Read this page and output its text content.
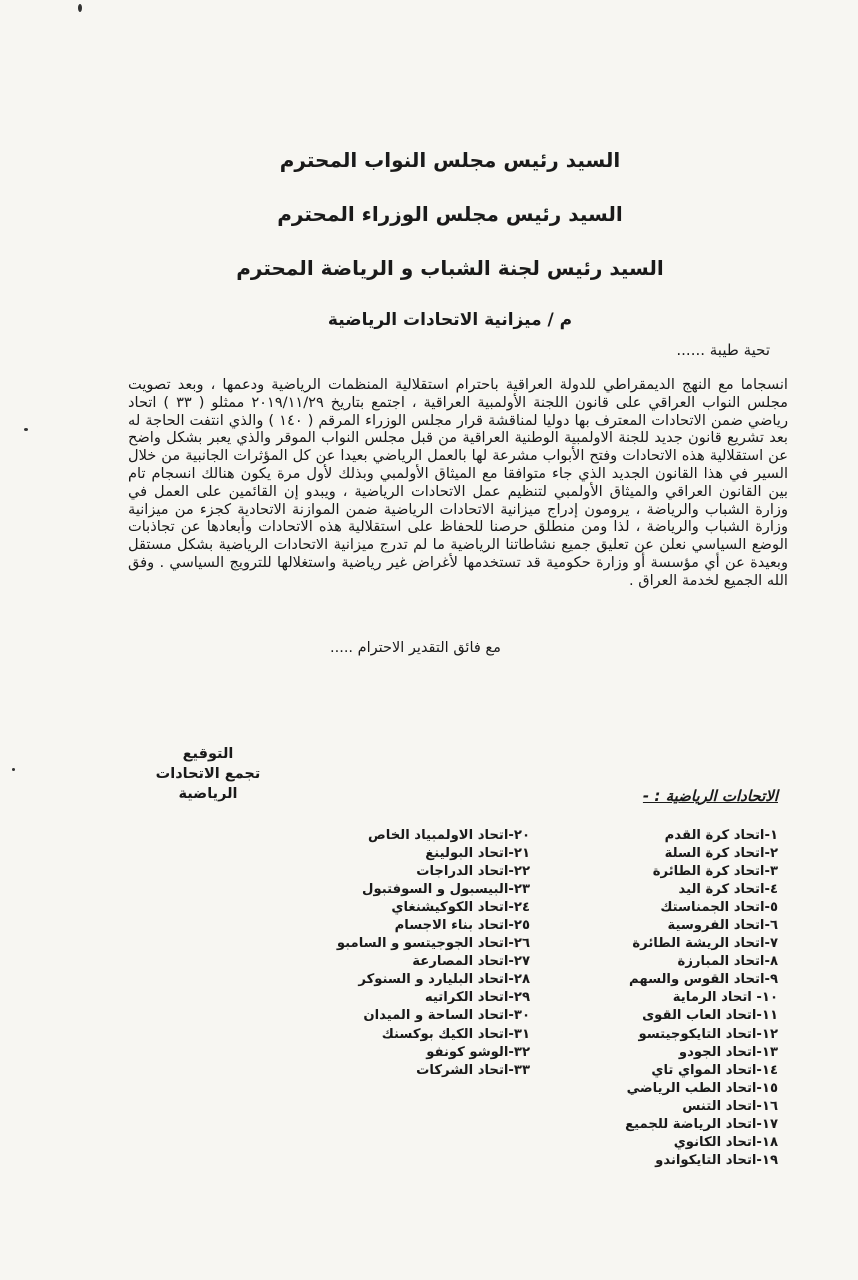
السيد رئيس مجلس النواب المحترم
السيد رئيس مجلس الوزراء المحترم
السيد رئيس لجنة الشباب و الرياضة المحترم
م / ميزانية الاتحادات الرياضية
تحية طيبة ......
انسجاما مع النهج الديمقراطي للدولة العراقية باحترام استقلالية المنظمات الرياضية ودعمها ، وبعد تصويت مجلس النواب العراقي على قانون اللجنة الأولمبية العراقية ، اجتمع بتاريخ ٢٠١٩/١١/٢٩ ممثلو ( ٣٣ ) اتحاد رياضي ضمن الاتحادات المعترف بها دوليا لمناقشة قرار مجلس الوزراء المرقم ( ١٤٠ ) والذي انتفت الحاجة له بعد تشريع قانون جديد للجنة الاولمبية الوطنية العراقية من قبل مجلس النواب الموقر والذي يعبر بشكل واضح عن استقلالية هذه الاتحادات وفتح الأبواب مشرعة لها بالعمل الرياضي بعيدا عن كل المؤثرات الجانبية من خلال السير في هذا القانون الجديد الذي جاء متوافقا مع الميثاق الأولمبي وبذلك لأول مرة يكون هنالك انسجام تام بين القانون العراقي والميثاق الأولمبي لتنظيم عمل الاتحادات الرياضية ، ويبدو إن القائمين على العمل في وزارة الشباب والرياضة ، يرومون إدراج ميزانية الاتحادات الرياضية ضمن الموازنة الاتحادية كجزء من ميزانية وزارة الشباب والرياضة ، لذا ومن منطلق حرصنا للحفاظ على استقلالية هذه الاتحادات وأبعادها عن تجاذبات الوضع السياسي نعلن عن تعليق جميع نشاطاتنا الرياضية ما لم تدرج ميزانية الاتحادات الرياضية بشكل مستقل وبعيدة عن أي مؤسسة أو وزارة حكومية قد تستخدمها لأغراض غير رياضية واستغلالها للترويج السياسي . وفق الله الجميع لخدمة العراق .
مع فائق التقدير الاحترام .....
التوقيع
تجمع الاتحادات الرياضية	الاتحادات الرياضية : -
١-اتحاد كرة القدم
٢-اتحاد كرة السلة
٣-اتحاد كرة الطائرة
٤-اتحاد كرة اليد
٥-اتحاد الجمناستك
٦-اتحاد الفروسية
٧-اتحاد الريشة الطائرة
٨-اتحاد المبارزة
٩-اتحاد القوس والسهم
١٠- اتحاد الرماية
١١-اتحاد العاب القوى
١٢-اتحاد التايكوجيتسو
١٣-اتحاد الجودو
١٤-اتحاد المواي تاي
١٥-اتحاد الطب الرياضي
١٦-اتحاد التنس
١٧-اتحاد الرياضة للجميع
١٨-اتحاد الكانوي
١٩-اتحاد التايكواندو
٢٠-اتحاد الاولمبياد الخاص
٢١-اتحاد البولينغ
٢٢-اتحاد الدراجات
٢٣-البيسبول و السوفتبول
٢٤-اتحاد الكوكيشنغاي
٢٥-اتحاد بناء الاجسام
٢٦-اتحاد الجوجيتسو و السامبو
٢٧-اتحاد المصارعة
٢٨-اتحاد البليارد و السنوكر
٢٩-اتحاد الكراتيه
٣٠-اتحاد الساحة و الميدان
٣١-اتحاد الكيك بوكسنك
٣٢-الوشو كونفو
٣٣-اتحاد الشركات
